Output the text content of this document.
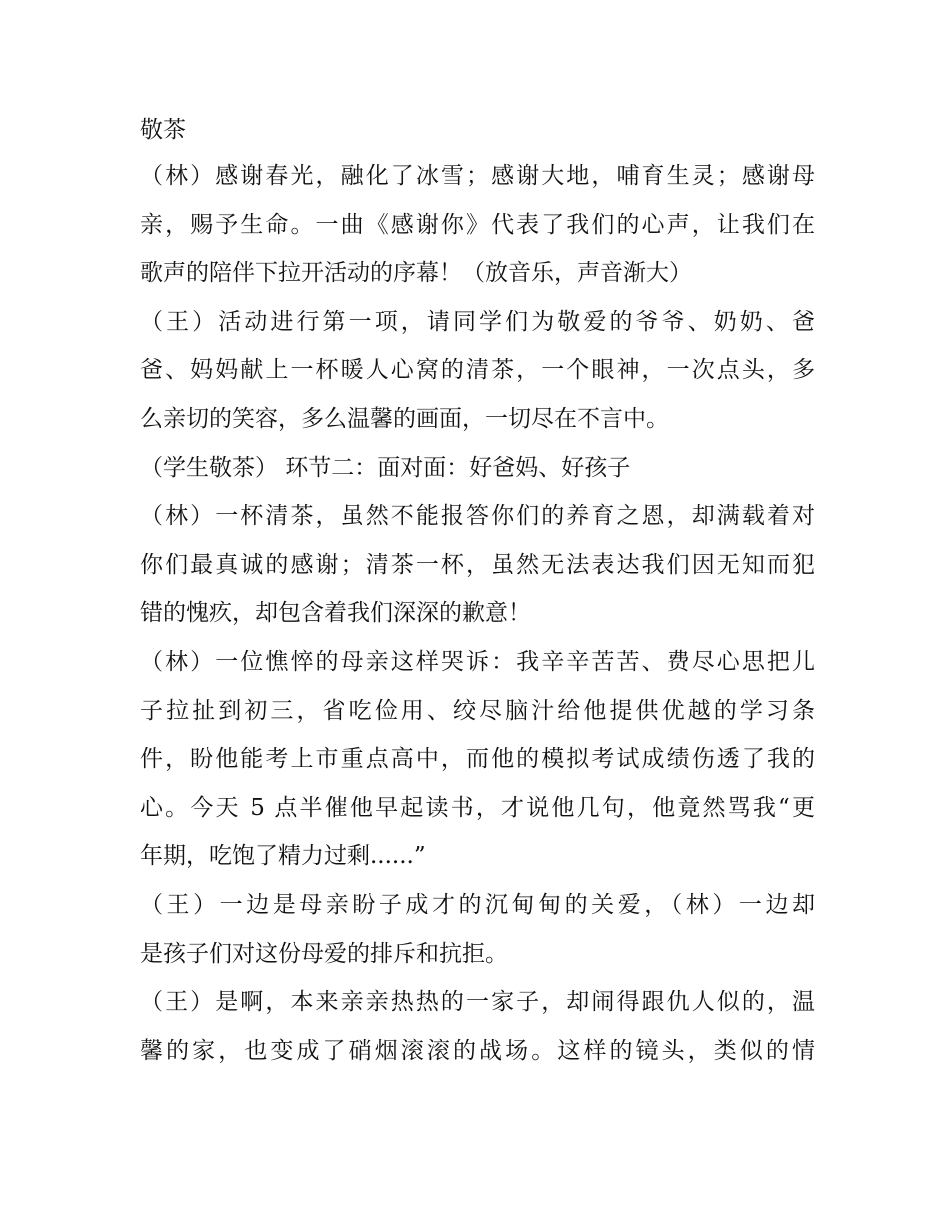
敬茶
（林）感谢春光，融化了冰雪；感谢大地，哺育生灵；感谢母
亲，赐予生命。一曲《感谢你》代表了我们的心声，让我们在
歌声的陪伴下拉开活动的序幕！（放音乐，声音渐大）
（王）活动进行第一项，请同学们为敬爱的爷爷、奶奶、爸
爸、妈妈献上一杯暖人心窝的清茶，一个眼神，一次点头，多
么亲切的笑容，多么温馨的画面，一切尽在不言中。
（学生敬茶） 环节二：面对面：好爸妈、好孩子
（林）一杯清茶，虽然不能报答你们的养育之恩，却满载着对
你们最真诚的感谢；清茶一杯，虽然无法表达我们因无知而犯
错的愧疚，却包含着我们深深的歉意！
（林）一位憔悴的母亲这样哭诉：我辛辛苦苦、费尽心思把儿
子拉扯到初三，省吃俭用、绞尽脑汁给他提供优越的学习条
件，盼他能考上市重点高中，而他的模拟考试成绩伤透了我的
心。今天 5 点半催他早起读书，才说他几句，他竟然骂我“更
年期，吃饱了精力过剩......”
（王）一边是母亲盼子成才的沉甸甸的关爱，（林）一边却
是孩子们对这份母爱的排斥和抗拒。
（王）是啊，本来亲亲热热的一家子，却闹得跟仇人似的，温
馨的家，也变成了硝烟滚滚的战场。这样的镜头，类似的情
